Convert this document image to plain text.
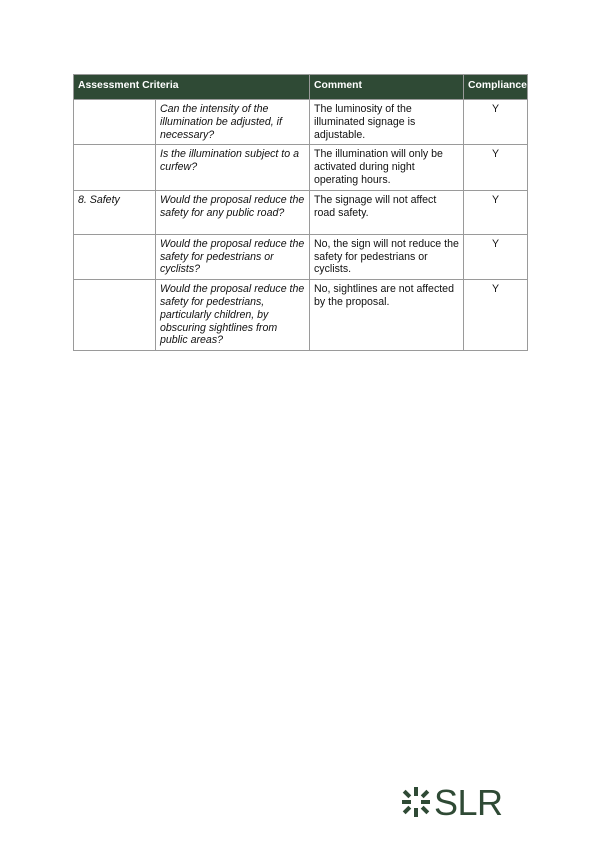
Assessment Criteria		Comment	Compliance
	Can the intensity of the illumination be adjusted, if necessary?	The luminosity of the illuminated signage is adjustable.	Y
	Is the illumination subject to a curfew?	The illumination will only be activated during night operating hours.	Y
8. Safety	Would the proposal reduce the safety for any public road?	The signage will not affect road safety.	Y
	Would the proposal reduce the safety for pedestrians or cyclists?	No, the sign will not reduce the safety for pedestrians or cyclists.	Y
	Would the proposal reduce the safety for pedestrians, particularly children, by obscuring sightlines from public areas?	No, sightlines are not affected by the proposal.	Y
SLR
